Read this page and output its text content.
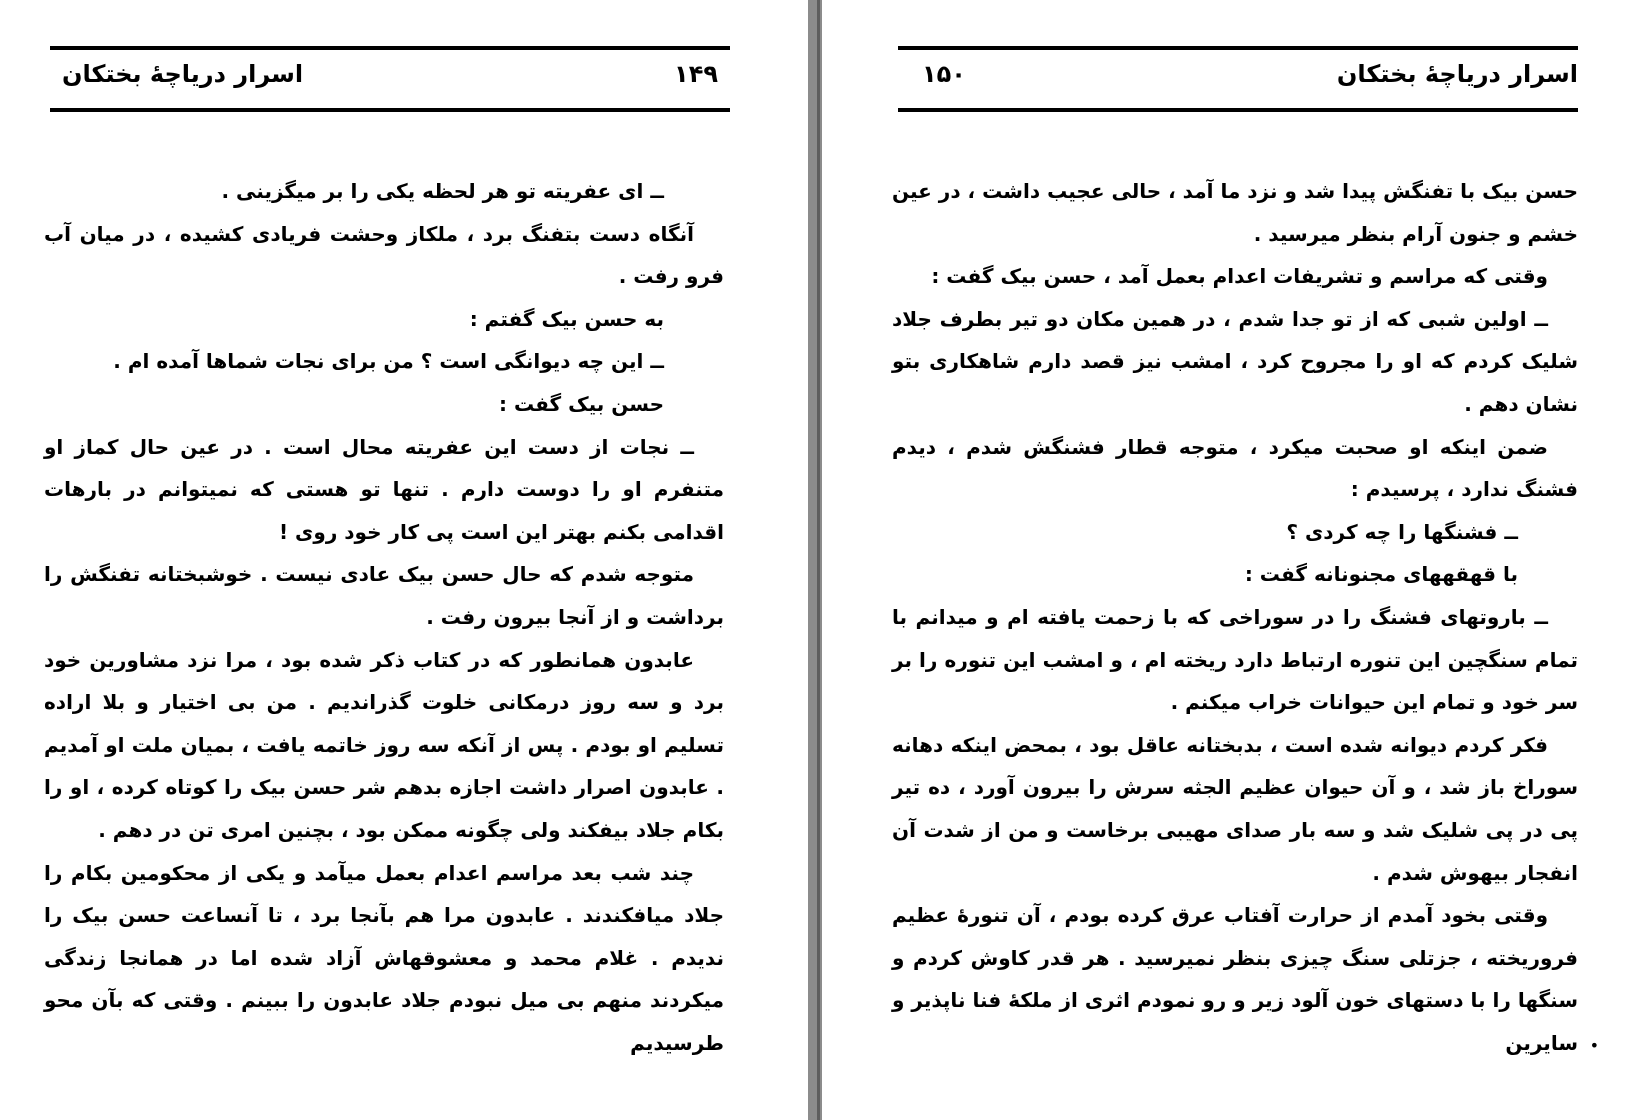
اسرار دریاچهٔ بختکان	۱۴۹

ــ ای عفریته تو هر لحظه یکی را بر میگزینی .

آنگاه دست بتفنگ برد ، ملکاز وحشت فریادی کشیده ، در میان آب فرو رفت .

به حسن بیک گفتم :

ــ این چه دیوانگی است ؟ من برای نجات شماها آمده ام .

حسن بیک گفت :

ــ نجات از دست این عفریته محال است . در عین حال کماز او متنفرم او را دوست دارم . تنها تو هستی که نمیتوانم در بارهات اقدامی بکنم بهتر این است پی کار خود روی !

متوجه شدم که حال حسن بیک عادی نیست . خوشبختانه تفنگش را برداشت و از آنجا بیرون رفت .

عابدون همانطور که در کتاب ذکر شده بود ، مرا نزد مشاورین خود برد و سه روز درمکانی خلوت گذراندیم . من بی اختیار و بلا اراده تسلیم او بودم . پس از آنکه سه روز خاتمه یافت ، بمیان ملت او آمدیم . عابدون اصرار داشت اجازه بدهم شر حسن بیک را کوتاه کرده ، او را بکام جلاد بیفکند ولی چگونه ممکن بود ، بچنین امری تن در دهم .

چند شب بعد مراسم اعدام بعمل میآمد و یکی از محکومین بکام را جلاد میافکندند . عابدون مرا هم بآنجا برد ، تا آنساعت حسن بیک را ندیدم . غلام محمد و معشوقهاش آزاد شده اما در همانجا زندگی میکردند منهم بی میل نبودم جلاد عابدون را ببینم . وقتی که بآن محو طرسیدیم

اسرار دریاچهٔ بختکان
۱۵۰

حسن بیک با تفنگش پیدا شد و نزد ما آمد ، حالی عجیب داشت ، در عین خشم و جنون آرام بنظر میرسید .

وقتی که مراسم و تشریفات اعدام بعمل آمد ، حسن بیک گفت :

ــ اولین شبی که از تو جدا شدم ، در همین مکان دو تیر بطرف جلاد شلیک کردم که او را مجروح کرد ، امشب نیز قصد دارم شاهکاری بتو نشان دهم .

ضمن اینکه او صحبت میکرد ، متوجه قطار فشنگش شدم ، دیدم فشنگ ندارد ، پرسیدم :

ــ فشنگها را چه کردی ؟

با قهقههای مجنونانه گفت :

ــ باروتهای فشنگ را در سوراخی که با زحمت یافته ام و میدانم با تمام سنگچین این تنوره ارتباط دارد ریخته ام ، و امشب این تنوره را بر سر خود و تمام این حیوانات خراب میکنم .

فکر کردم دیوانه شده است ، بدبختانه عاقل بود ، بمحض اینکه دهانه سوراخ باز شد ، و آن حیوان عظیم الجثه سرش را بیرون آورد ، ده تیر پی در پی شلیک شد و سه بار صدای مهیبی برخاست و من از شدت آن انفجار بیهوش شدم .

وقتی بخود آمدم از حرارت آفتاب عرق کرده بودم ، آن تنورهٔ عظیم فروریخته ، جزتلی سنگ چیزی بنظر نمیرسید . هر قدر کاوش کردم و سنگها را با دستهای خون آلود زیر و رو نمودم اثری از ملکهٔ فنا ناپذیر و سایرین •
